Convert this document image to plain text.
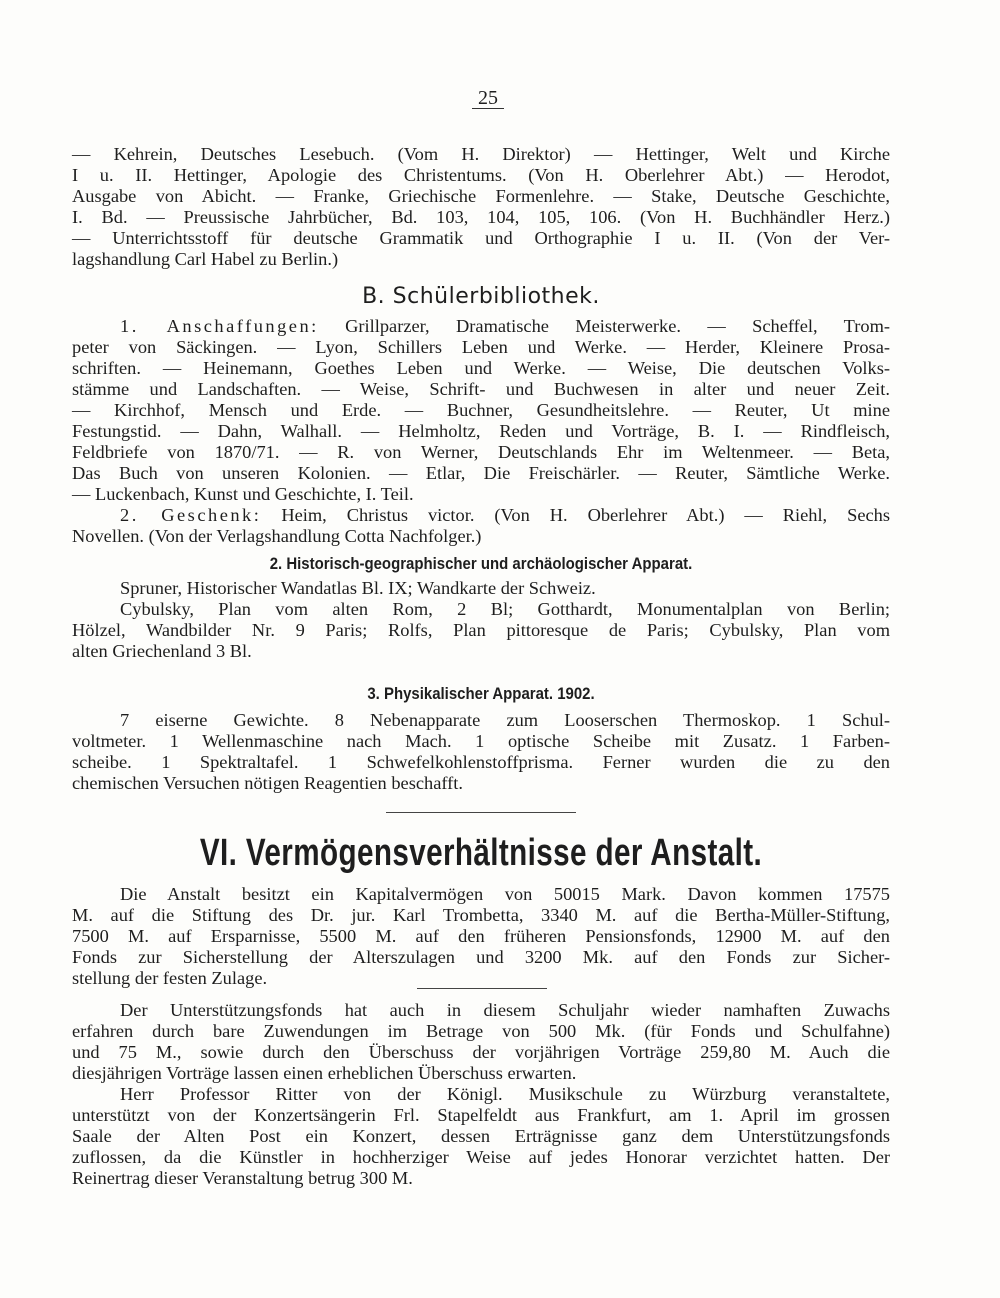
25
— Kehrein, Deutsches Lesebuch. (Vom H. Direktor) — Hettinger, Welt und Kirche
I u. II. Hettinger, Apologie des Christentums. (Von H. Oberlehrer Abt.) — Herodot,
Ausgabe von Abicht. — Franke, Griechische Formenlehre. — Stake, Deutsche Geschichte,
I. Bd. — Preussische Jahrbücher, Bd. 103, 104, 105, 106. (Von H. Buchhändler Herz.)
— Unterrichtsstoff für deutsche Grammatik und Orthographie I u. II. (Von der Ver-
lagshandlung Carl Habel zu Berlin.)
B. Schülerbibliothek.
1. Anschaffungen: Grillparzer, Dramatische Meisterwerke. — Scheffel, Trom-
peter von Säckingen. — Lyon, Schillers Leben und Werke. — Herder, Kleinere Prosa-
schriften. — Heinemann, Goethes Leben und Werke. — Weise, Die deutschen Volks-
stämme und Landschaften. — Weise, Schrift- und Buchwesen in alter und neuer Zeit.
— Kirchhof, Mensch und Erde. — Buchner, Gesundheitslehre. — Reuter, Ut mine
Festungstid. — Dahn, Walhall. — Helmholtz, Reden und Vorträge, B. I. — Rindfleisch,
Feldbriefe von 1870/71. — R. von Werner, Deutschlands Ehr im Weltenmeer. — Beta,
Das Buch von unseren Kolonien. — Etlar, Die Freischärler. — Reuter, Sämtliche Werke.
— Luckenbach, Kunst und Geschichte, I. Teil.
2. Geschenk: Heim, Christus victor. (Von H. Oberlehrer Abt.) — Riehl, Sechs
Novellen. (Von der Verlagshandlung Cotta Nachfolger.)
2. Historisch-geographischer und archäologischer Apparat.
Spruner, Historischer Wandatlas Bl. IX; Wandkarte der Schweiz.
Cybulsky, Plan vom alten Rom, 2 Bl; Gotthardt, Monumentalplan von Berlin;
Hölzel, Wandbilder Nr. 9 Paris; Rolfs, Plan pittoresque de Paris; Cybulsky, Plan vom
alten Griechenland 3 Bl.
3. Physikalischer Apparat. 1902.
7 eiserne Gewichte. 8 Nebenapparate zum Looserschen Thermoskop. 1 Schul-
voltmeter. 1 Wellenmaschine nach Mach. 1 optische Scheibe mit Zusatz. 1 Farben-
scheibe. 1 Spektraltafel. 1 Schwefelkohlenstoffprisma. Ferner wurden die zu den
chemischen Versuchen nötigen Reagentien beschafft.
VI. Vermögensverhältnisse der Anstalt.
Die Anstalt besitzt ein Kapitalvermögen von 50015 Mark. Davon kommen 17575
M. auf die Stiftung des Dr. jur. Karl Trombetta, 3340 M. auf die Bertha-Müller-Stiftung,
7500 M. auf Ersparnisse, 5500 M. auf den früheren Pensionsfonds, 12900 M. auf den
Fonds zur Sicherstellung der Alterszulagen und 3200 Mk. auf den Fonds zur Sicher-
stellung der festen Zulage.
Der Unterstützungsfonds hat auch in diesem Schuljahr wieder namhaften Zuwachs
erfahren durch bare Zuwendungen im Betrage von 500 Mk. (für Fonds und Schulfahne)
und 75 M., sowie durch den Überschuss der vorjährigen Vorträge 259,80 M. Auch die
diesjährigen Vorträge lassen einen erheblichen Überschuss erwarten.
Herr Professor Ritter von der Königl. Musikschule zu Würzburg veranstaltete,
unterstützt von der Konzertsängerin Frl. Stapelfeldt aus Frankfurt, am 1. April im grossen
Saale der Alten Post ein Konzert, dessen Erträgnisse ganz dem Unterstützungsfonds
zuflossen, da die Künstler in hochherziger Weise auf jedes Honorar verzichtet hatten. Der
Reinertrag dieser Veranstaltung betrug 300 M.
